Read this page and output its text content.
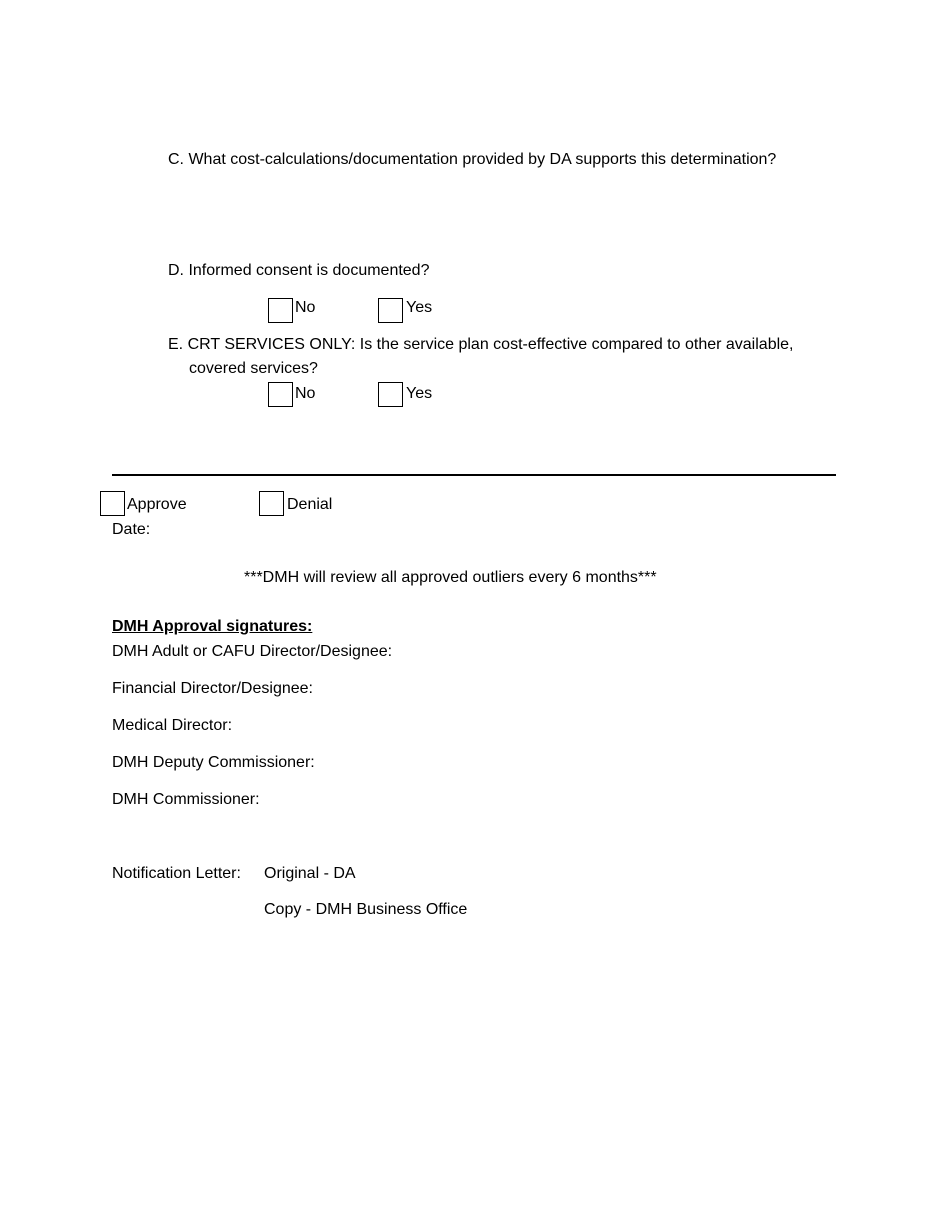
C. What cost-calculations/documentation provided by DA supports this determination?
D. Informed consent is documented?
No	Yes
E. CRT SERVICES ONLY: Is the service plan cost-effective compared to other available,
covered services?
No	Yes
Approve	Denial
Date:
***DMH will review all approved outliers every 6 months***
DMH Approval signatures:
DMH Adult or CAFU Director/Designee:
Financial Director/Designee:
Medical Director:
DMH Deputy Commissioner:
DMH Commissioner:
Notification Letter: Original - DA
Copy - DMH Business Office
